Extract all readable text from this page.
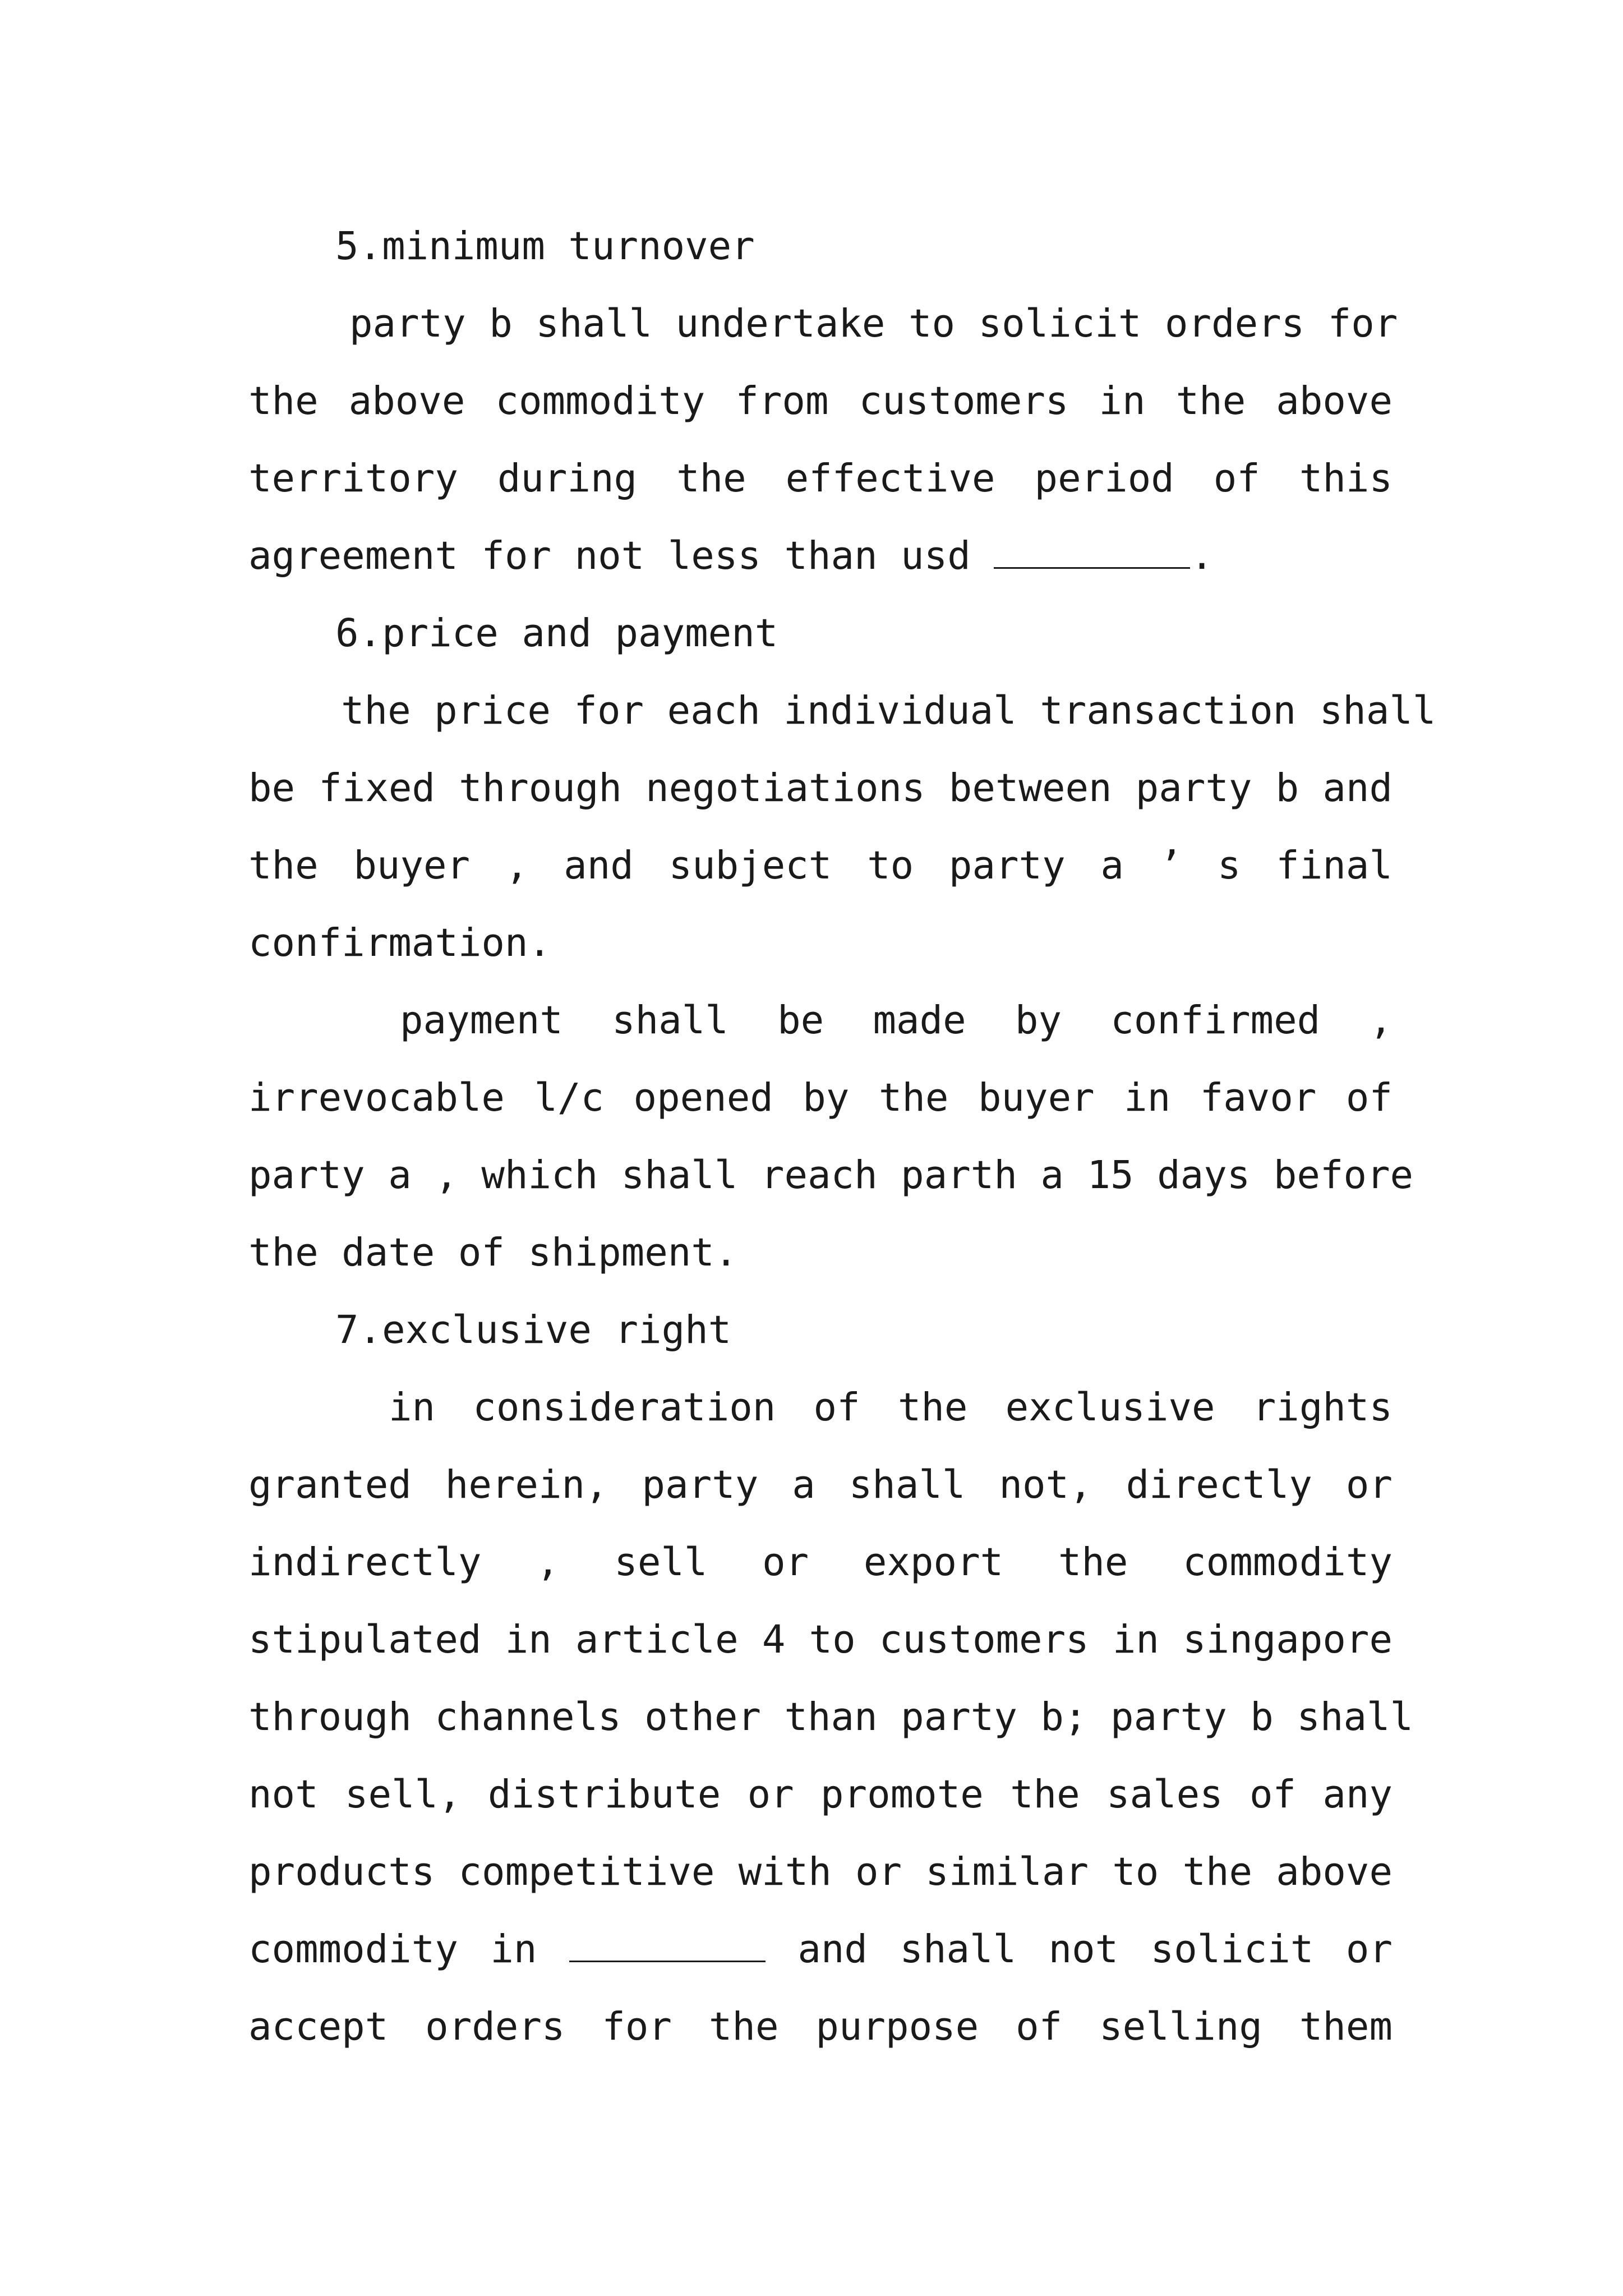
5.minimum turnover
party b shall undertake to solicit orders for
the above commodity from customers in the above
territory during the effective period of this
agreement for not less than usd	.
6.price and payment
the price for each individual transaction shall
be fixed through negotiations between party b and
the buyer , and subject to party a ’ s final
confirmation.
payment shall be made by confirmed ,
irrevocable l/c opened by the buyer in favor of
party a , which shall reach parth a 15 days before
the date of shipment.
7.exclusive right
in consideration of the exclusive rights
granted herein, party a shall not, directly or
indirectly , sell or export the commodity
stipulated in article 4 to customers in singapore
through channels other than party b; party b shall
not sell, distribute or promote the sales of any
products competitive with or similar to the above
commodity in	and shall not solicit or
accept orders for the purpose of selling them
